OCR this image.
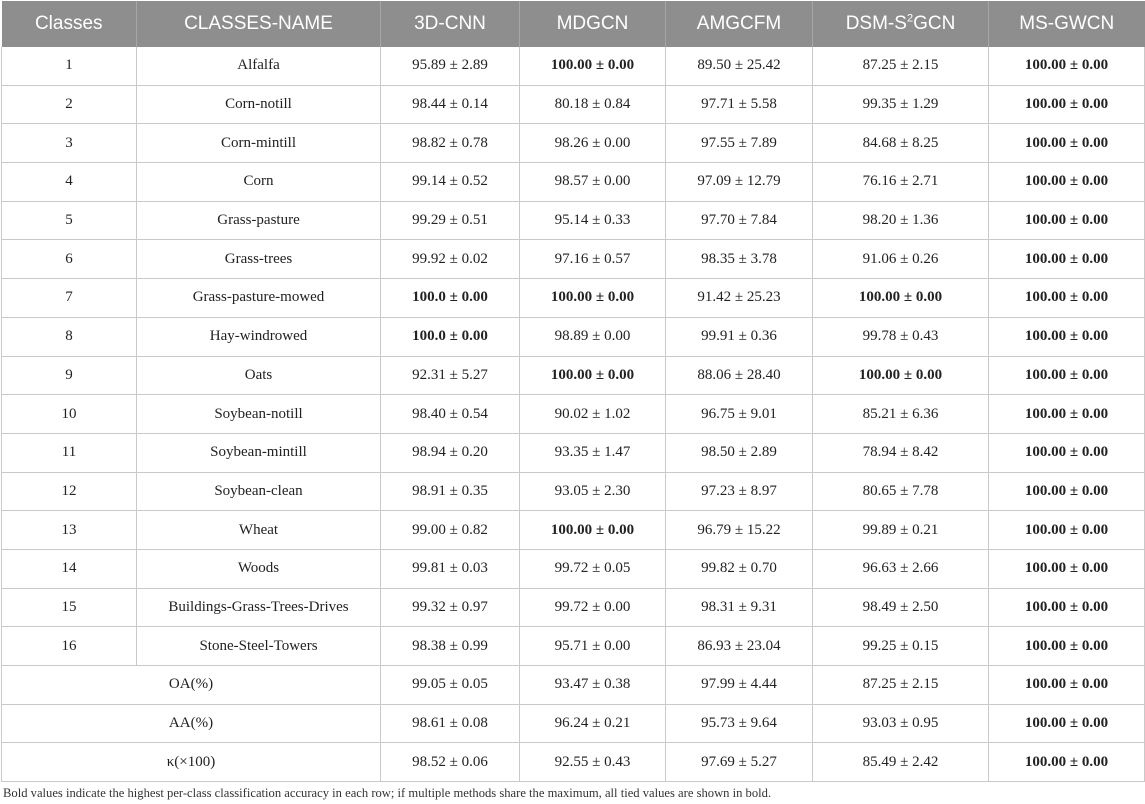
Classes	CLASSES-NAME	3D-CNN	MDGCN	AMGCFM	DSM-$S^2GCN$	MS-GWCN
1	Alfalfa	95.89 ± 2.89	100.00 ± 0.00	89.50 ± 25.42	87.25 ± 2.15	100.00 ± 0.00
2	Corn-notill	98.44 ± 0.14	80.18 ± 0.84	97.71 ± 5.58	99.35 ± 1.29	100.00 ± 0.00
3	Corn-mintill	98.82 ± 0.78	98.26 ± 0.00	97.55 ± 7.89	84.68 ± 8.25	100.00 ± 0.00
4	Corn	99.14 ± 0.52	98.57 ± 0.00	97.09 ± 12.79	76.16 ± 2.71	100.00 ± 0.00
5	Grass-pasture	99.29 ± 0.51	95.14 ± 0.33	97.70 ± 7.84	98.20 ± 1.36	100.00 ± 0.00
6	Grass-trees	99.92 ± 0.02	97.16 ± 0.57	98.35 ± 3.78	91.06 ± 0.26	100.00 ± 0.00
7	Grass-pasture-mowed	100.0 ± 0.00	100.00 ± 0.00	91.42 ± 25.23	100.00 ± 0.00	100.00 ± 0.00
8	Hay-windrowed	100.0 ± 0.00	98.89 ± 0.00	99.91 ± 0.36	99.78 ± 0.43	100.00 ± 0.00
9	Oats	92.31 ± 5.27	100.00 ± 0.00	88.06 ± 28.40	100.00 ± 0.00	100.00 ± 0.00
10	Soybean-notill	98.40 ± 0.54	90.02 ± 1.02	96.75 ± 9.01	85.21 ± 6.36	100.00 ± 0.00
11	Soybean-mintill	98.94 ± 0.20	93.35 ± 1.47	98.50 ± 2.89	78.94 ± 8.42	100.00 ± 0.00
12	Soybean-clean	98.91 ± 0.35	93.05 ± 2.30	97.23 ± 8.97	80.65 ± 7.78	100.00 ± 0.00
13	Wheat	99.00 ± 0.82	100.00 ± 0.00	96.79 ± 15.22	99.89 ± 0.21	100.00 ± 0.00
14	Woods	99.81 ± 0.03	99.72 ± 0.05	99.82 ± 0.70	96.63 ± 2.66	100.00 ± 0.00
15	Buildings-Grass-Trees-Drives	99.32 ± 0.97	99.72 ± 0.00	98.31 ± 9.31	98.49 ± 2.50	100.00 ± 0.00
16	Stone-Steel-Towers	98.38 ± 0.99	95.71 ± 0.00	86.93 ± 23.04	99.25 ± 0.15	100.00 ± 0.00
OA(%)		99.05 ± 0.05	93.47 ± 0.38	97.99 ± 4.44	87.25 ± 2.15	100.00 ± 0.00
AA(%)		98.61 ± 0.08	96.24 ± 0.21	95.73 ± 9.64	93.03 ± 0.95	100.00 ± 0.00
κ(×100)		98.52 ± 0.06	92.55 ± 0.43	97.69 ± 5.27	85.49 ± 2.42	100.00 ± 0.00
Bold values indicate the highest per-class classification accuracy in each row; if multiple methods share the maximum, all tied values are shown in bold.
